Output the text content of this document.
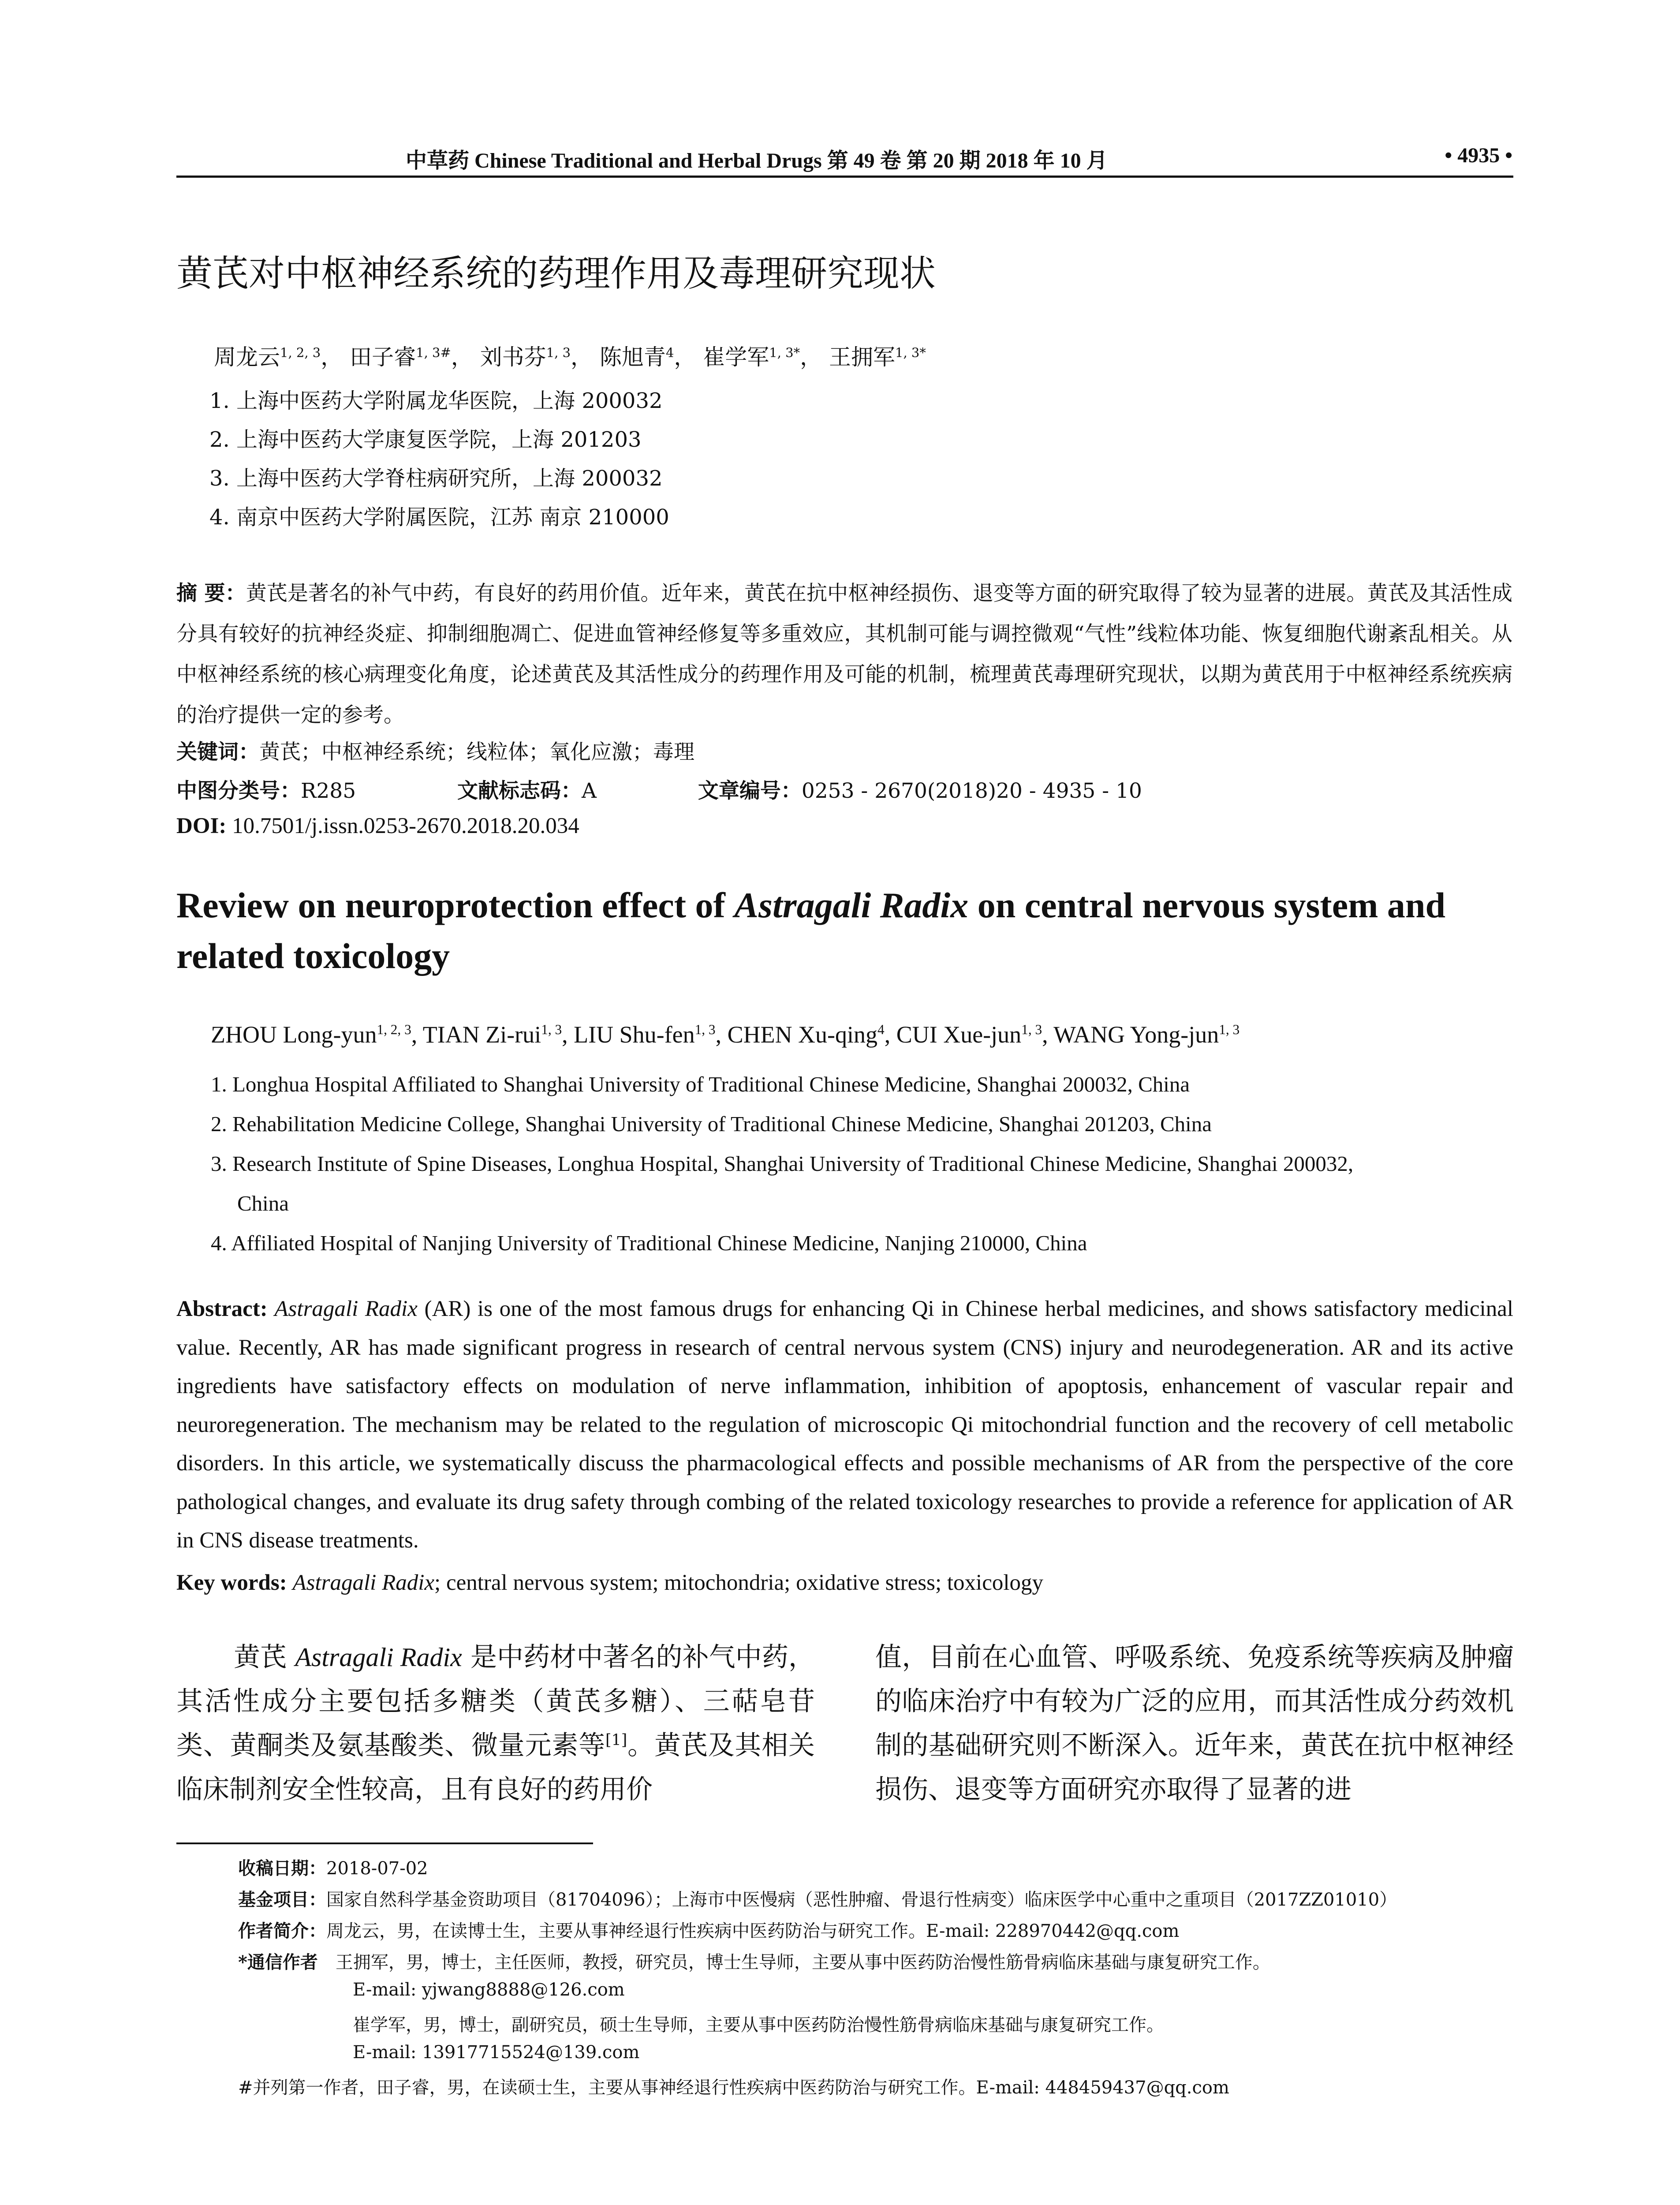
中草药 Chinese Traditional and Herbal Drugs 第 49 卷 第 20 期 2018 年 10 月	• 4935 •
黄芪对中枢神经系统的药理作用及毒理研究现状
周龙云$^{1, 2, 3}$， 田子睿$^{1, 3\#}$， 刘书芬$^{1, 3}$， 陈旭青$^4$， 崔学军$^{1, 3*}$， 王拥军$^{1, 3*}$
1. 上海中医药大学附属龙华医院，上海 200032
2. 上海中医药大学康复医学院，上海 201203
3. 上海中医药大学脊柱病研究所，上海 200032
4. 南京中医药大学附属医院，江苏 南京 210000
摘 要：黄芪是著名的补气中药，有良好的药用价值。近年来，黄芪在抗中枢神经损伤、退变等方面的研究取得了较为显著的进展。黄芪及其活性成分具有较好的抗神经炎症、抑制细胞凋亡、促进血管神经修复等多重效应，其机制可能与调控微观“气性”线粒体功能、恢复细胞代谢紊乱相关。从中枢神经系统的核心病理变化角度，论述黄芪及其活性成分的药理作用及可能的机制，梳理黄芪毒理研究现状，以期为黄芪用于中枢神经系统疾病的治疗提供一定的参考。
关键词：黄芪；中枢神经系统；线粒体；氧化应激；毒理
中图分类号：R285	文献标志码：A	文章编号：0253 - 2670(2018)20 - 4935 - 10
DOI: 10.7501/j.issn.0253-2670.2018.20.034
Review on neuroprotection effect of Astragali Radix on central nervous system and related toxicology
ZHOU Long-yun$^{1, 2, 3}$, TIAN Zi-rui$^{1, 3}$, LIU Shu-fen$^{1, 3}$, CHEN Xu-qing$^4$, CUI Xue-jun$^{1, 3}$, WANG Yong-jun$^{1, 3}$
1. Longhua Hospital Affiliated to Shanghai University of Traditional Chinese Medicine, Shanghai 200032, China
2. Rehabilitation Medicine College, Shanghai University of Traditional Chinese Medicine, Shanghai 201203, China
3. Research Institute of Spine Diseases, Longhua Hospital, Shanghai University of Traditional Chinese Medicine, Shanghai 200032,
China
4. Affiliated Hospital of Nanjing University of Traditional Chinese Medicine, Nanjing 210000, China
Abstract: Astragali Radix (AR) is one of the most famous drugs for enhancing Qi in Chinese herbal medicines, and shows satisfactory medicinal value. Recently, AR has made significant progress in research of central nervous system (CNS) injury and neurodegeneration. AR and its active ingredients have satisfactory effects on modulation of nerve inflammation, inhibition of apoptosis, enhancement of vascular repair and neuroregeneration. The mechanism may be related to the regulation of microscopic Qi mitochondrial function and the recovery of cell metabolic disorders. In this article, we systematically discuss the pharmacological effects and possible mechanisms of AR from the perspective of the core pathological changes, and evaluate its drug safety through combing of the related toxicology researches to provide a reference for application of AR in CNS disease treatments.
Key words: Astragali Radix; central nervous system; mitochondria; oxidative stress; toxicology
黄芪 Astragali Radix 是中药材中著名的补气中药，其活性成分主要包括多糖类（黄芪多糖）、三萜皂苷类、黄酮类及氨基酸类、微量元素等[1]。黄芪及其相关临床制剂安全性较高，且有良好的药用价
值，目前在心血管、呼吸系统、免疫系统等疾病及肿瘤的临床治疗中有较为广泛的应用，而其活性成分药效机制的基础研究则不断深入。近年来，黄芪在抗中枢神经损伤、退变等方面研究亦取得了显著的进
收稿日期：2018-07-02
基金项目：国家自然科学基金资助项目（81704096）；上海市中医慢病（恶性肿瘤、骨退行性病变）临床医学中心重中之重项目（2017ZZ01010）
作者简介：周龙云，男，在读博士生，主要从事神经退行性疾病中医药防治与研究工作。E-mail: 228970442@qq.com
*通信作者 王拥军，男，博士，主任医师，教授，研究员，博士生导师，主要从事中医药防治慢性筋骨病临床基础与康复研究工作。
E-mail: yjwang8888@126.com
崔学军，男，博士，副研究员，硕士生导师，主要从事中医药防治慢性筋骨病临床基础与康复研究工作。
E-mail: 13917715524@139.com
#并列第一作者，田子睿，男，在读硕士生，主要从事神经退行性疾病中医药防治与研究工作。E-mail: 448459437@qq.com
